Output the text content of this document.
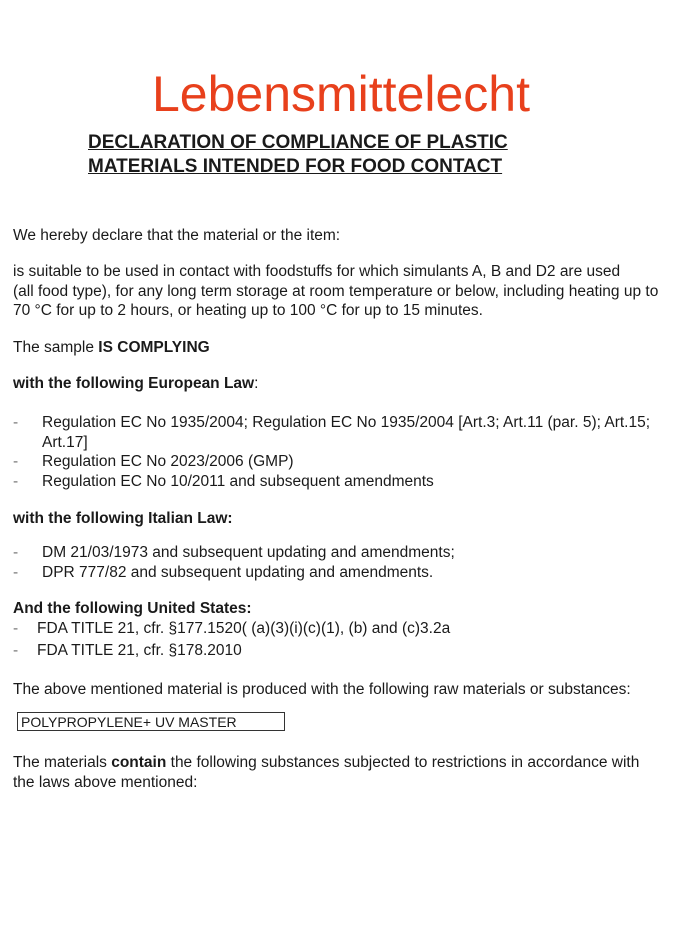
Lebensmittelecht
DECLARATION OF COMPLIANCE OF PLASTIC
MATERIALS INTENDED FOR FOOD CONTACT

We hereby declare that the material or the item:

is suitable to be used in contact with foodstuffs for which simulants A, B and D2 are used
(all food type), for any long term storage at room temperature or below, including heating up to
70 °C for up to 2 hours, or heating up to 100 °C for up to 15 minutes.

The sample IS COMPLYING

with the following European Law:

- Regulation EC No 1935/2004; Regulation EC No 1935/2004 [Art.3; Art.11 (par. 5); Art.15;
Art.17]
- Regulation EC No 2023/2006 (GMP)
- Regulation EC No 10/2011 and subsequent amendments

with the following Italian Law:

- DM 21/03/1973 and subsequent updating and amendments;
- DPR 777/82 and subsequent updating and amendments.

And the following United States:

- FDA TITLE 21, cfr. §177.1520( (a)(3)(i)(c)(1), (b) and (c)3.2a
- FDA TITLE 21, cfr. §178.2010

The above mentioned material is produced with the following raw materials or substances:

POLYPROPYLENE+ UV MASTER

The materials contain the following substances subjected to restrictions in accordance with
the laws above mentioned:
